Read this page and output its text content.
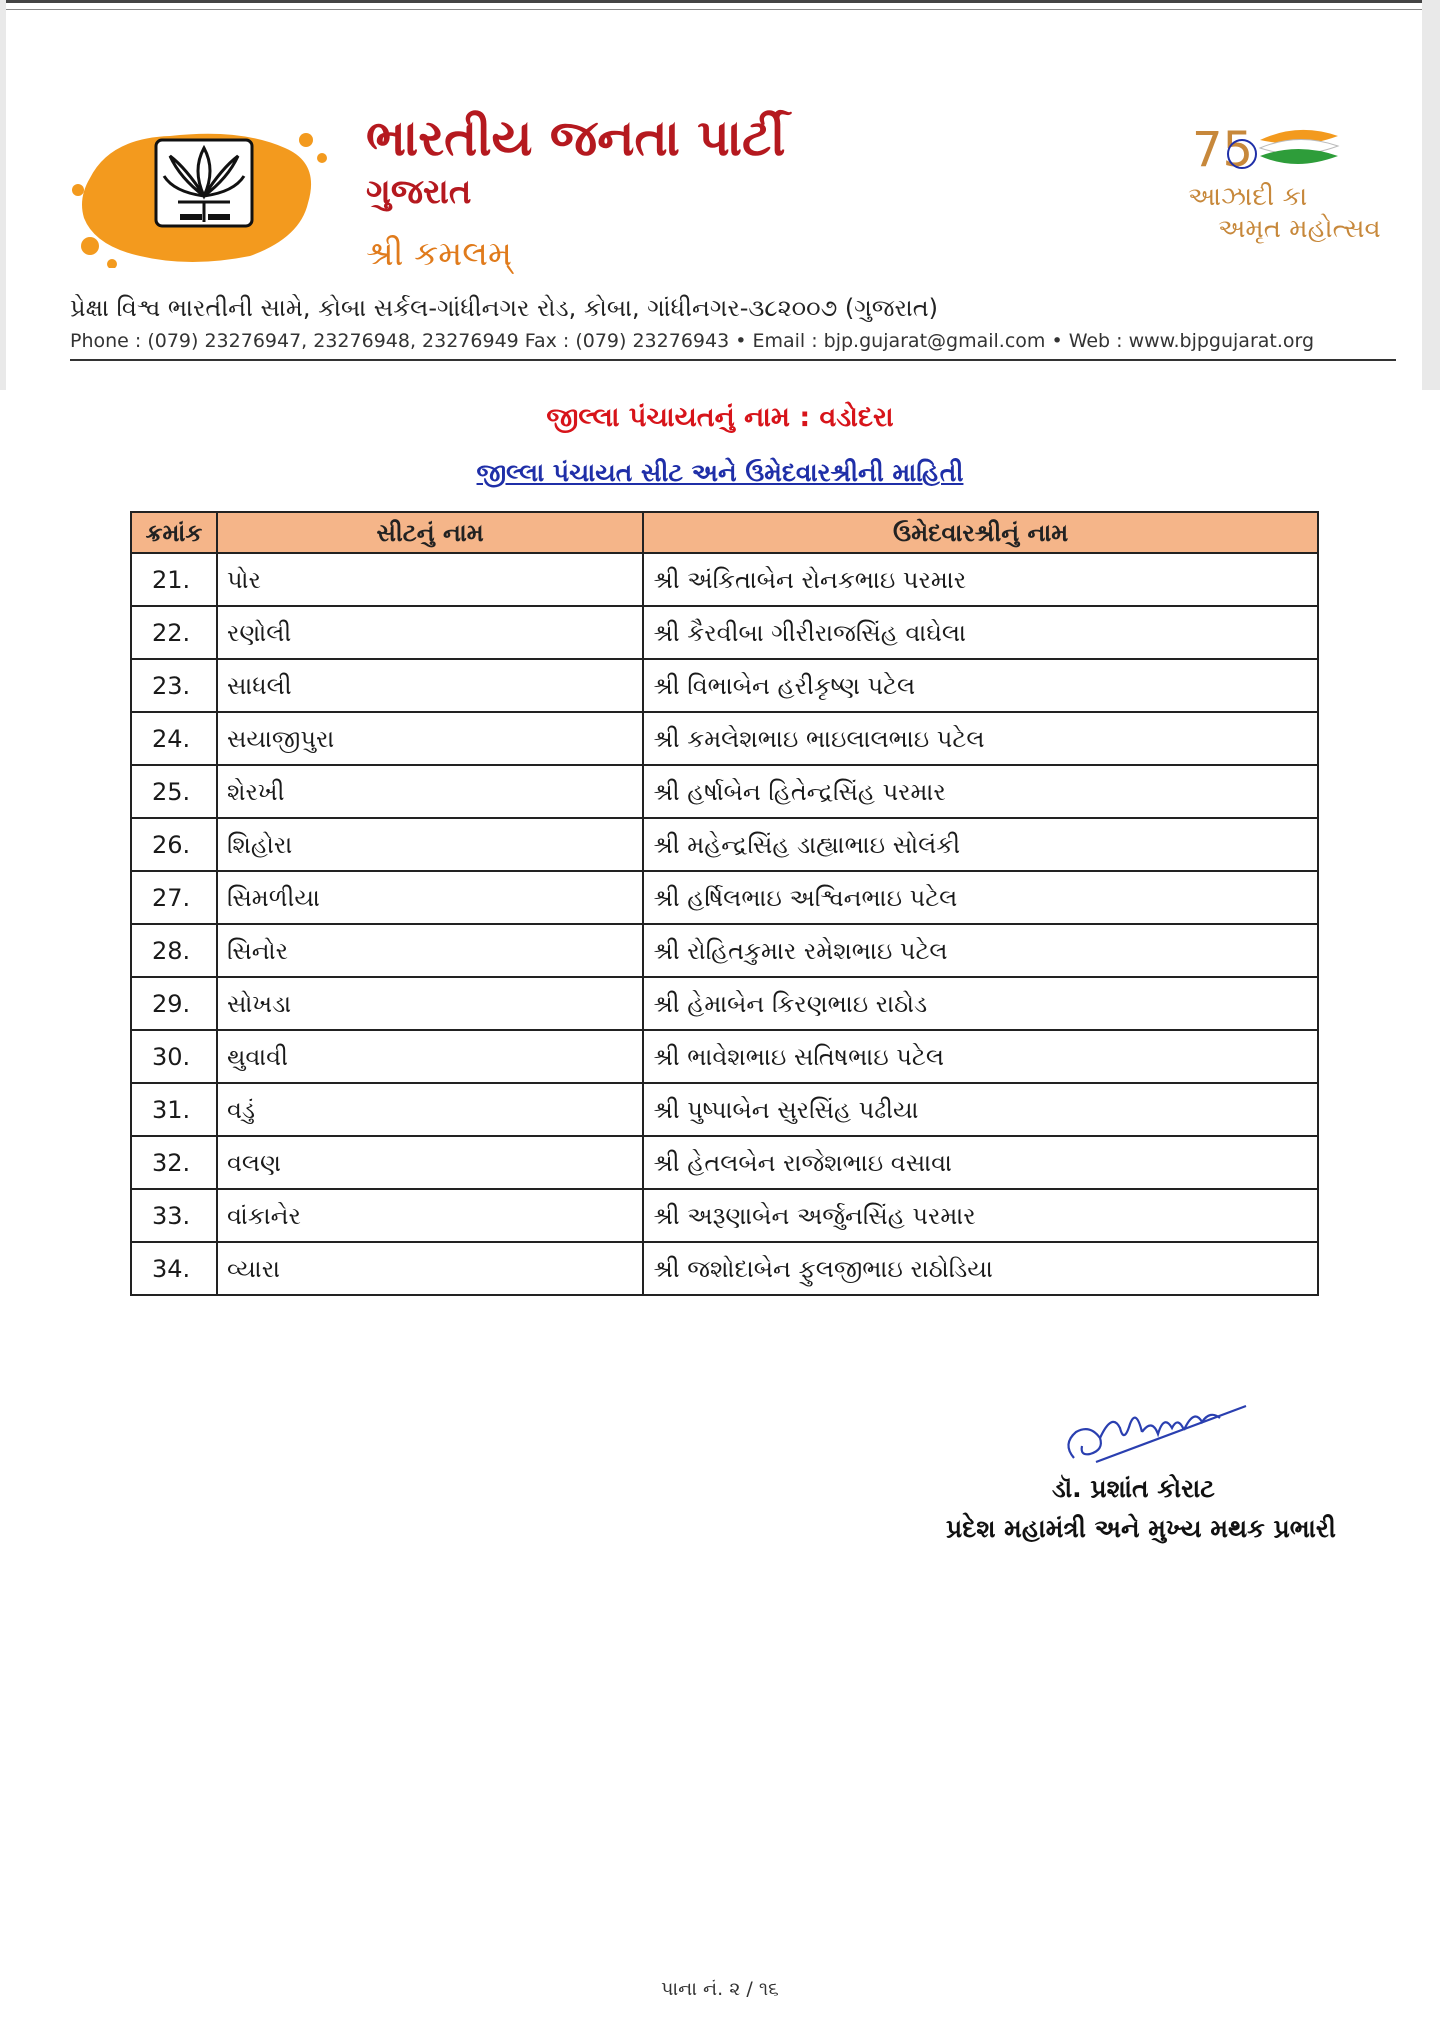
ભારતીય જનતા પાર્ટી
ગુજરાત
શ્રી કમલમ્
75
આઝાદી કા
અમૃત મહોત્સવ
પ્રેક્ષા વિશ્વ ભારતીની સામે, કોબા સર્કલ-ગાંધીનગર રોડ, કોબા, ગાંધીનગર-૩૮૨૦૦૭ (ગુજરાત)
Phone : (079) 23276947, 23276948, 23276949 Fax : (079) 23276943 • Email : bjp.gujarat@gmail.com • Web : www.bjpgujarat.org
જીલ્લા પંચાયતનું નામ : વડોદરા
જીલ્લા પંચાયત સીટ અને ઉમેદવારશ્રીની માહિતી
ક્રમાંક	સીટનું નામ	ઉમેદવારશ્રીનું નામ
21.	પોર	શ્રી અંકિતાબેન રોનકભાઇ પરમાર
22.	રણોલી	શ્રી કૈરવીબા ગીરીરાજસિંહ વાઘેલા
23.	સાધલી	શ્રી વિભાબેન હરીકૃષ્ણ પટેલ
24.	સયાજીપુરા	શ્રી કમલેશભાઇ ભાઇલાલભાઇ પટેલ
25.	શેરખી	શ્રી હર્ષાબેન હિતેન્દ્રસિંહ પરમાર
26.	શિહોરા	શ્રી મહેન્દ્રસિંહ ડાહ્યાભાઇ સોલંકી
27.	સિમળીયા	શ્રી હર્ષિલભાઇ અશ્વિનભાઇ પટેલ
28.	સિનોર	શ્રી રોહિતકુમાર રમેશભાઇ પટેલ
29.	સોખડા	શ્રી હેમાબેન કિરણભાઇ રાઠોડ
30.	થુવાવી	શ્રી ભાવેશભાઇ સતિષભાઇ પટેલ
31.	વડું	શ્રી પુષ્પાબેન સુરસિંહ પઢીયા
32.	વલણ	શ્રી હેતલબેન રાજેશભાઇ વસાવા
33.	વાંકાનેર	શ્રી અરૂણાબેન અર્જુનસિંહ પરમાર
34.	વ્યારા	શ્રી જશોદાબેન ફુલજીભાઇ રાઠોડિયા
ડૉ. પ્રશાંત કોરાટ
પ્રદેશ મહામંત્રી અને મુખ્ય મથક પ્રભારી
પાના નં. ૨ / ૧૬
